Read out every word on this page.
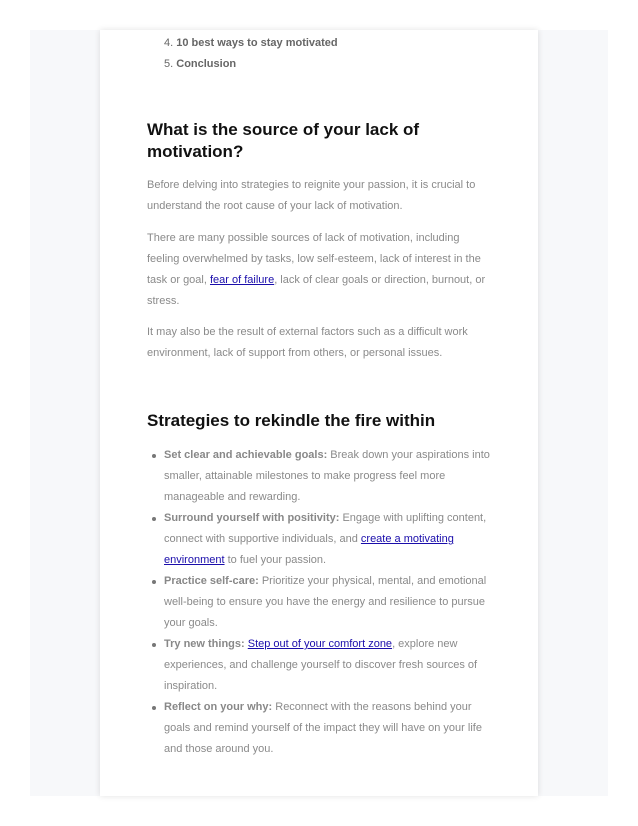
4. 10 best ways to stay motivated
5. Conclusion
What is the source of your lack of motivation?

Before delving into strategies to reignite your passion, it is crucial to understand the root cause of your lack of motivation.

There are many possible sources of lack of motivation, including feeling overwhelmed by tasks, low self-esteem, lack of interest in the task or goal, fear of failure, lack of clear goals or direction, burnout, or stress.

It may also be the result of external factors such as a difficult work environment, lack of support from others, or personal issues.

Strategies to rekindle the fire within
Set clear and achievable goals: Break down your aspirations into smaller, attainable milestones to make progress feel more manageable and rewarding.
Surround yourself with positivity: Engage with uplifting content, connect with supportive individuals, and create a motivating environment to fuel your passion.
Practice self-care: Prioritize your physical, mental, and emotional well-being to ensure you have the energy and resilience to pursue your goals.
Try new things: Step out of your comfort zone, explore new experiences, and challenge yourself to discover fresh sources of inspiration.
Reflect on your why: Reconnect with the reasons behind your goals and remind yourself of the impact they will have on your life and those around you.
